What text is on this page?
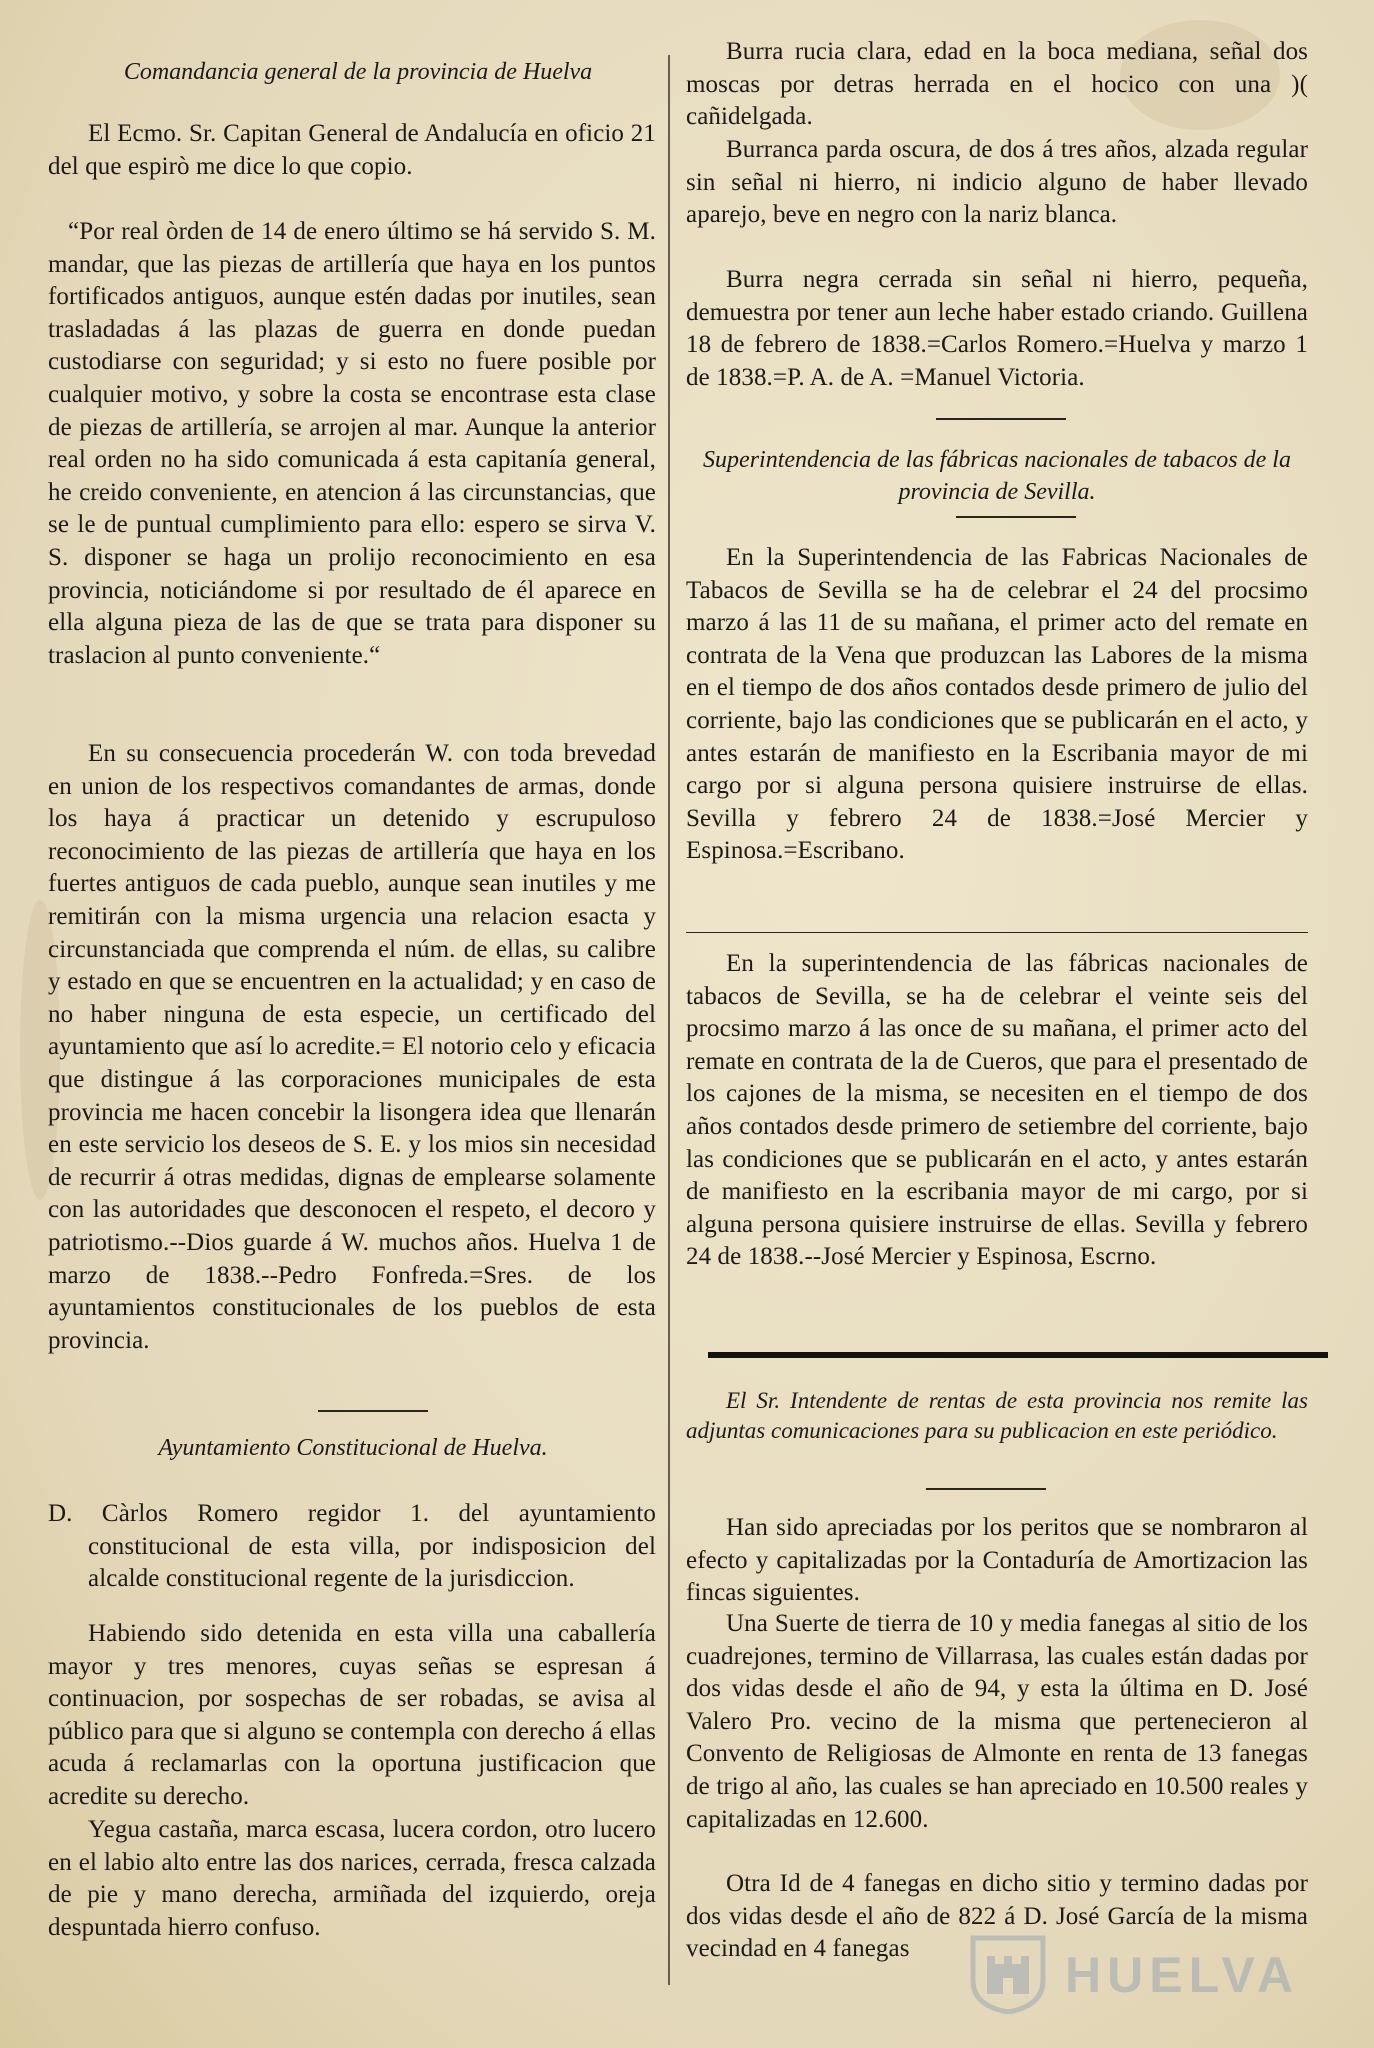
Comandancia general de la provincia de Huelva

El Ecmo. Sr. Capitan General de Andalucía en oficio 21 del que espirò me dice lo que copio.

“Por real òrden de 14 de enero último se há servido S. M. mandar, que las piezas de artillería que haya en los puntos fortificados antiguos, aunque estén dadas por inutiles, sean trasladadas á las plazas de guerra en donde puedan custodiarse con seguridad; y si esto no fuere posible por cualquier motivo, y sobre la costa se encontrase esta clase de piezas de artillería, se arrojen al mar. Aunque la anterior real orden no ha sido comunicada á esta capitanía general, he creido conveniente, en atencion á las circunstancias, que se le de puntual cumplimiento para ello: espero se sirva V. S. disponer se haga un prolijo reconocimiento en esa provincia, noticiándome si por resultado de él aparece en ella alguna pieza de las de que se trata para disponer su traslacion al punto conveniente.“

En su consecuencia procederán W. con toda brevedad en union de los respectivos comandantes de armas, donde los haya á practicar un detenido y escrupuloso reconocimiento de las piezas de artillería que haya en los fuertes antiguos de cada pueblo, aunque sean inutiles y me remitirán con la misma urgencia una relacion esacta y circunstanciada que comprenda el núm. de ellas, su calibre y estado en que se encuentren en la actualidad; y en caso de no haber ninguna de esta especie, un certificado del ayuntamiento que así lo acredite.= El notorio celo y eficacia que distingue á las corporaciones municipales de esta provincia me hacen concebir la lisongera idea que llenarán en este servicio los deseos de S. E. y los mios sin necesidad de recurrir á otras medidas, dignas de emplearse solamente con las autoridades que desconocen el respeto, el decoro y patriotismo.--Dios guarde á W. muchos años. Huelva 1 de marzo de 1838.--Pedro Fonfreda.=Sres. de los ayuntamientos constitucionales de los pueblos de esta provincia.

Ayuntamiento Constitucional de Huelva.

D. Càrlos Romero regidor 1. del ayuntamiento constitucional de esta villa, por indisposicion del alcalde constitucional regente de la jurisdiccion.

Habiendo sido detenida en esta villa una caballería mayor y tres menores, cuyas señas se espresan á continuacion, por sospechas de ser robadas, se avisa al público para que si alguno se contempla con derecho á ellas acuda á reclamarlas con la oportuna justificacion que acredite su derecho.

Yegua castaña, marca escasa, lucera cordon, otro lucero en el labio alto entre las dos narices, cerrada, fresca calzada de pie y mano derecha, armiñada del izquierdo, oreja despuntada hierro confuso.

Burra rucia clara, edad en la boca mediana, señal dos moscas por detras herrada en el hocico con una )( cañidelgada.

Burranca parda oscura, de dos á tres años, alzada regular sin señal ni hierro, ni indicio alguno de haber llevado aparejo, beve en negro con la nariz blanca.

Burra negra cerrada sin señal ni hierro, pequeña, demuestra por tener aun leche haber estado criando. Guillena 18 de febrero de 1838.=Carlos Romero.=Huelva y marzo 1 de 1838.=P. A. de A. =Manuel Victoria.

Superintendencia de las fábricas nacionales de tabacos de la provincia de Sevilla.

En la Superintendencia de las Fabricas Nacionales de Tabacos de Sevilla se ha de celebrar el 24 del procsimo marzo á las 11 de su mañana, el primer acto del remate en contrata de la Vena que produzcan las Labores de la misma en el tiempo de dos años contados desde primero de julio del corriente, bajo las condiciones que se publicarán en el acto, y antes estarán de manifiesto en la Escribania mayor de mi cargo por si alguna persona quisiere instruirse de ellas. Sevilla y febrero 24 de 1838.=José Mercier y Espinosa.=Escribano.

En la superintendencia de las fábricas nacionales de tabacos de Sevilla, se ha de celebrar el veinte seis del procsimo marzo á las once de su mañana, el primer acto del remate en contrata de la de Cueros, que para el presentado de los cajones de la misma, se necesiten en el tiempo de dos años contados desde primero de setiembre del corriente, bajo las condiciones que se publicarán en el acto, y antes estarán de manifiesto en la escribania mayor de mi cargo, por si alguna persona quisiere instruirse de ellas. Sevilla y febrero 24 de 1838.--José Mercier y Espinosa, Escrno.

El Sr. Intendente de rentas de esta provincia nos remite las adjuntas comunicaciones para su publicacion en este periódico.

Han sido apreciadas por los peritos que se nombraron al efecto y capitalizadas por la Contaduría de Amortizacion las fincas siguientes.

Una Suerte de tierra de 10 y media fanegas al sitio de los cuadrejones, termino de Villarrasa, las cuales están dadas por dos vidas desde el año de 94, y esta la última en D. José Valero Pro. vecino de la misma que pertenecieron al Convento de Religiosas de Almonte en renta de 13 fanegas de trigo al año, las cuales se han apreciado en 10.500 reales y capitalizadas en 12.600.

Otra Id de 4 fanegas en dicho sitio y termino dadas por dos vidas desde el año de 822 á D. José García de la misma vecindad en 4 fanegas	HUELVA
